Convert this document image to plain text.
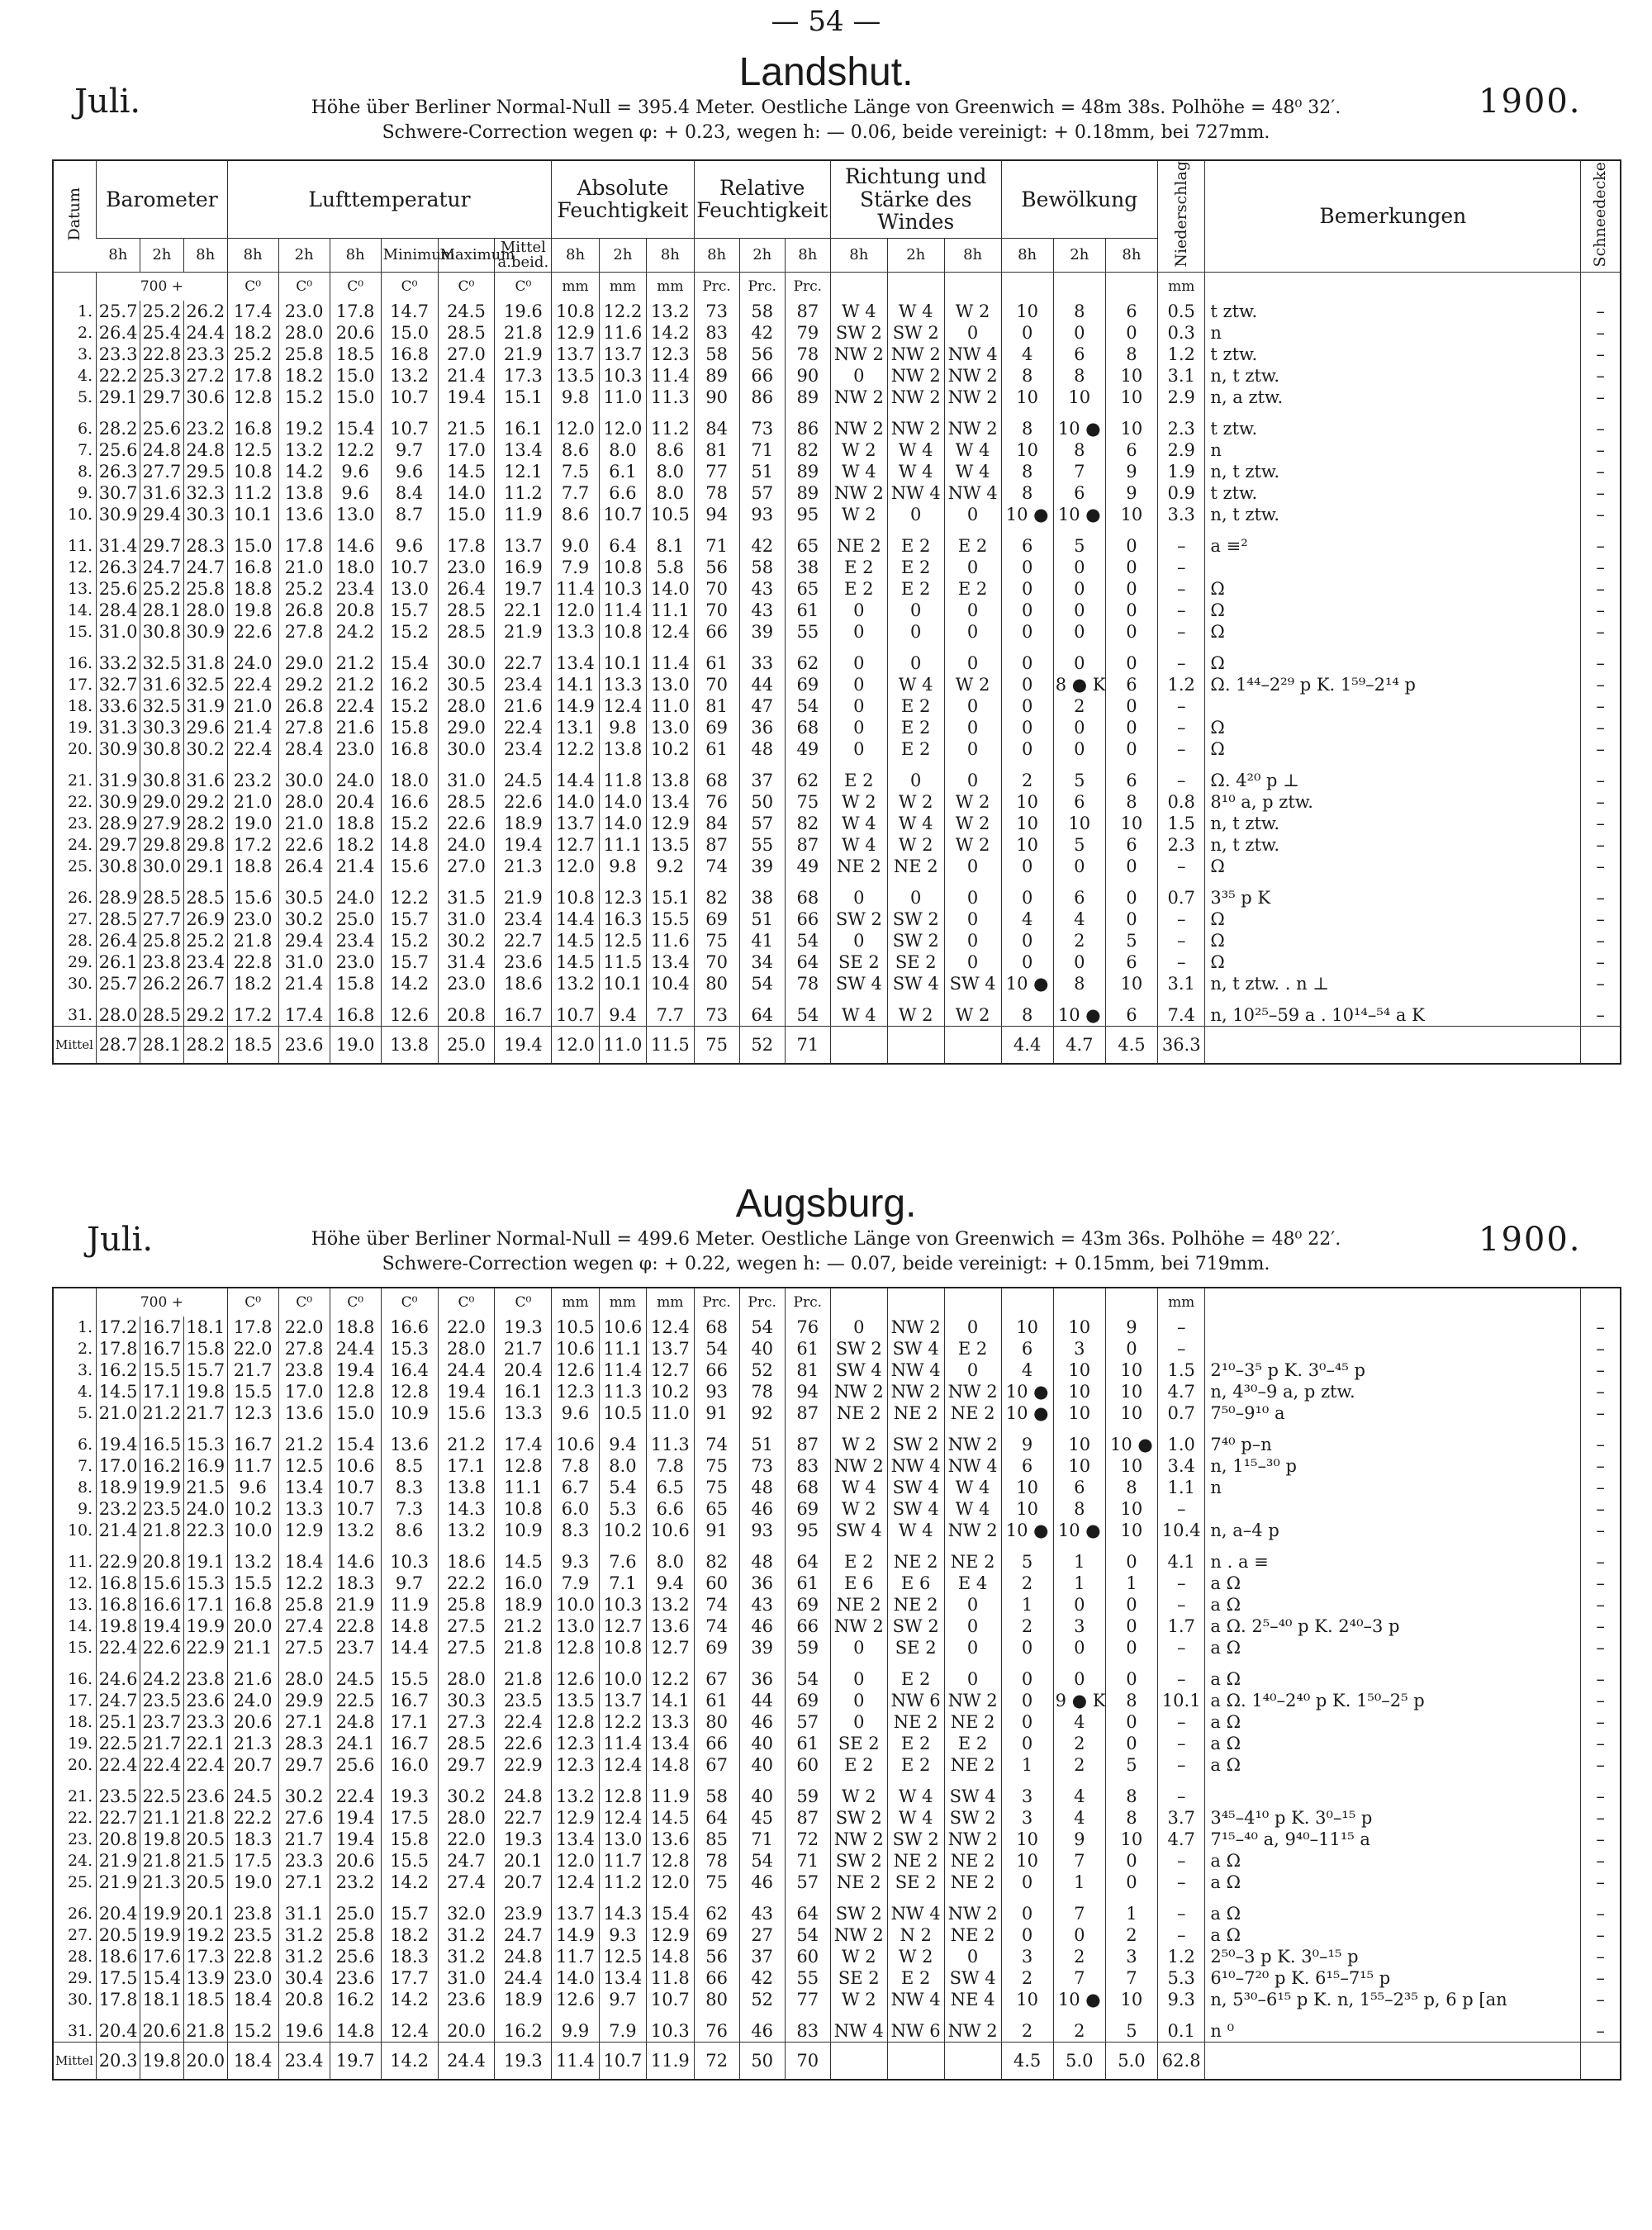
— 54 —
Landshut.
Juli.	1900.
Höhe über Berliner Normal-Null = 395.4 Meter. Oestliche Länge von Greenwich = 48m 38s. Polhöhe = 48⁰ 32′.
Schwere-Correction wegen φ: + 0.23, wegen h: — 0.06, beide vereinigt: + 0.18mm, bei 727mm.
Datum	Barometer			Lufttemperatur						Absolute Feuchtigkeit			Relative Feuchtigkeit			Richtung und Stärke des Windes			Bewölkung			Niederschlag	Bemerkungen	Schneedecke
	8h	2h	8h	8h	2h	8h	Minimum	Maximum	Mittel a.beid.	8h	2h	8h	8h	2h	8h	8h	2h	8h	8h	2h	8h			
	700 +			C⁰	C⁰	C⁰	C⁰	C⁰	C⁰	mm	mm	mm	Prc.	Prc.	Prc.							mm		
1.	25.7	25.2	26.2	17.4	23.0	17.8	14.7	24.5	19.6	10.8	12.2	13.2	73	58	87	W 4	W 4	W 2	10	8	6	0.5	t ztw.	–
2.	26.4	25.4	24.4	18.2	28.0	20.6	15.0	28.5	21.8	12.9	11.6	14.2	83	42	79	SW 2	SW 2	0	0	0	0	0.3	n	–
3.	23.3	22.8	23.3	25.2	25.8	18.5	16.8	27.0	21.9	13.7	13.7	12.3	58	56	78	NW 2	NW 2	NW 4	4	6	8	1.2	t ztw.	–
4.	22.2	25.3	27.2	17.8	18.2	15.0	13.2	21.4	17.3	13.5	10.3	11.4	89	66	90	0	NW 2	NW 2	8	8	10	3.1	n, t ztw.	–
5.	29.1	29.7	30.6	12.8	15.2	15.0	10.7	19.4	15.1	9.8	11.0	11.3	90	86	89	NW 2	NW 2	NW 2	10	10	10	2.9	n, a ztw.	–
6.	28.2	25.6	23.2	16.8	19.2	15.4	10.7	21.5	16.1	12.0	12.0	11.2	84	73	86	NW 2	NW 2	NW 2	8	10 ●	10	2.3	t ztw.	–
7.	25.6	24.8	24.8	12.5	13.2	12.2	9.7	17.0	13.4	8.6	8.0	8.6	81	71	82	W 2	W 4	W 4	10	8	6	2.9	n	–
8.	26.3	27.7	29.5	10.8	14.2	9.6	9.6	14.5	12.1	7.5	6.1	8.0	77	51	89	W 4	W 4	W 4	8	7	9	1.9	n, t ztw.	–
9.	30.7	31.6	32.3	11.2	13.8	9.6	8.4	14.0	11.2	7.7	6.6	8.0	78	57	89	NW 2	NW 4	NW 4	8	6	9	0.9	t ztw.	–
10.	30.9	29.4	30.3	10.1	13.6	13.0	8.7	15.0	11.9	8.6	10.7	10.5	94	93	95	W 2	0	0	10 ●	10 ●	10	3.3	n, t ztw.	–
11.	31.4	29.7	28.3	15.0	17.8	14.6	9.6	17.8	13.7	9.0	6.4	8.1	71	42	65	NE 2	E 2	E 2	6	5	0	–	a ≡²	–
12.	26.3	24.7	24.7	16.8	21.0	18.0	10.7	23.0	16.9	7.9	10.8	5.8	56	58	38	E 2	E 2	0	0	0	0	–		–
13.	25.6	25.2	25.8	18.8	25.2	23.4	13.0	26.4	19.7	11.4	10.3	14.0	70	43	65	E 2	E 2	E 2	0	0	0	–	Ω	–
14.	28.4	28.1	28.0	19.8	26.8	20.8	15.7	28.5	22.1	12.0	11.4	11.1	70	43	61	0	0	0	0	0	0	–	Ω	–
15.	31.0	30.8	30.9	22.6	27.8	24.2	15.2	28.5	21.9	13.3	10.8	12.4	66	39	55	0	0	0	0	0	0	–	Ω	–
16.	33.2	32.5	31.8	24.0	29.0	21.2	15.4	30.0	22.7	13.4	10.1	11.4	61	33	62	0	0	0	0	0	0	–	Ω	–
17.	32.7	31.6	32.5	22.4	29.2	21.2	16.2	30.5	23.4	14.1	13.3	13.0	70	44	69	0	W 4	W 2	0	8 ● K	6	1.2	Ω. 1⁴⁴–2²⁹ p K. 1⁵⁹–2¹⁴ p	–
18.	33.6	32.5	31.9	21.0	26.8	22.4	15.2	28.0	21.6	14.9	12.4	11.0	81	47	54	0	E 2	0	0	2	0	–		–
19.	31.3	30.3	29.6	21.4	27.8	21.6	15.8	29.0	22.4	13.1	9.8	13.0	69	36	68	0	E 2	0	0	0	0	–	Ω	–
20.	30.9	30.8	30.2	22.4	28.4	23.0	16.8	30.0	23.4	12.2	13.8	10.2	61	48	49	0	E 2	0	0	0	0	–	Ω	–
21.	31.9	30.8	31.6	23.2	30.0	24.0	18.0	31.0	24.5	14.4	11.8	13.8	68	37	62	E 2	0	0	2	5	6	–	Ω. 4²⁰ p ⊥	–
22.	30.9	29.0	29.2	21.0	28.0	20.4	16.6	28.5	22.6	14.0	14.0	13.4	76	50	75	W 2	W 2	W 2	10	6	8	0.8	8¹⁰ a, p ztw.	–
23.	28.9	27.9	28.2	19.0	21.0	18.8	15.2	22.6	18.9	13.7	14.0	12.9	84	57	82	W 4	W 4	W 2	10	10	10	1.5	n, t ztw.	–
24.	29.7	29.8	29.8	17.2	22.6	18.2	14.8	24.0	19.4	12.7	11.1	13.5	87	55	87	W 4	W 2	W 2	10	5	6	2.3	n, t ztw.	–
25.	30.8	30.0	29.1	18.8	26.4	21.4	15.6	27.0	21.3	12.0	9.8	9.2	74	39	49	NE 2	NE 2	0	0	0	0	–	Ω	–
26.	28.9	28.5	28.5	15.6	30.5	24.0	12.2	31.5	21.9	10.8	12.3	15.1	82	38	68	0	0	0	0	6	0	0.7	3³⁵ p K	–
27.	28.5	27.7	26.9	23.0	30.2	25.0	15.7	31.0	23.4	14.4	16.3	15.5	69	51	66	SW 2	SW 2	0	4	4	0	–	Ω	–
28.	26.4	25.8	25.2	21.8	29.4	23.4	15.2	30.2	22.7	14.5	12.5	11.6	75	41	54	0	SW 2	0	0	2	5	–	Ω	–
29.	26.1	23.8	23.4	22.8	31.0	23.0	15.7	31.4	23.6	14.5	11.5	13.4	70	34	64	SE 2	SE 2	0	0	0	6	–	Ω	–
30.	25.7	26.2	26.7	18.2	21.4	15.8	14.2	23.0	18.6	13.2	10.1	10.4	80	54	78	SW 4	SW 4	SW 4	10 ●	8	10	3.1	n, t ztw. . n ⊥	–
31.	28.0	28.5	29.2	17.2	17.4	16.8	12.6	20.8	16.7	10.7	9.4	7.7	73	64	54	W 4	W 2	W 2	8	10 ●	6	7.4	n, 10²⁵–59 a . 10¹⁴–⁵⁴ a K	–
Mittel	28.7	28.1	28.2	18.5	23.6	19.0	13.8	25.0	19.4	12.0	11.0	11.5	75	52	71				4.4	4.7	4.5	36.3		
Augsburg.
Juli.	1900.
Höhe über Berliner Normal-Null = 499.6 Meter. Oestliche Länge von Greenwich = 43m 36s. Polhöhe = 48⁰ 22′.
Schwere-Correction wegen φ: + 0.22, wegen h: — 0.07, beide vereinigt: + 0.15mm, bei 719mm.
	700 +			C⁰	C⁰	C⁰	C⁰	C⁰	C⁰	mm	mm	mm	Prc.	Prc.	Prc.							mm		
1.	17.2	16.7	18.1	17.8	22.0	18.8	16.6	22.0	19.3	10.5	10.6	12.4	68	54	76	0	NW 2	0	10	10	9	–		–
2.	17.8	16.7	15.8	22.0	27.8	24.4	15.3	28.0	21.7	10.6	11.1	13.7	54	40	61	SW 2	SW 4	E 2	6	3	0	–		–
3.	16.2	15.5	15.7	21.7	23.8	19.4	16.4	24.4	20.4	12.6	11.4	12.7	66	52	81	SW 4	NW 4	0	4	10	10	1.5	2¹⁰–3⁵ p K. 3⁰–⁴⁵ p	–
4.	14.5	17.1	19.8	15.5	17.0	12.8	12.8	19.4	16.1	12.3	11.3	10.2	93	78	94	NW 2	NW 2	NW 2	10 ●	10	10	4.7	n, 4³⁰–9 a, p ztw.	–
5.	21.0	21.2	21.7	12.3	13.6	15.0	10.9	15.6	13.3	9.6	10.5	11.0	91	92	87	NE 2	NE 2	NE 2	10 ●	10	10	0.7	7⁵⁰–9¹⁰ a	–
6.	19.4	16.5	15.3	16.7	21.2	15.4	13.6	21.2	17.4	10.6	9.4	11.3	74	51	87	W 2	SW 2	NW 2	9	10	10 ●	1.0	7⁴⁰ p–n	–
7.	17.0	16.2	16.9	11.7	12.5	10.6	8.5	17.1	12.8	7.8	8.0	7.8	75	73	83	NW 2	NW 4	NW 4	6	10	10	3.4	n, 1¹⁵–³⁰ p	–
8.	18.9	19.9	21.5	9.6	13.4	10.7	8.3	13.8	11.1	6.7	5.4	6.5	75	48	68	W 4	SW 4	W 4	10	6	8	1.1	n	–
9.	23.2	23.5	24.0	10.2	13.3	10.7	7.3	14.3	10.8	6.0	5.3	6.6	65	46	69	W 2	SW 4	W 4	10	8	10	–		–
10.	21.4	21.8	22.3	10.0	12.9	13.2	8.6	13.2	10.9	8.3	10.2	10.6	91	93	95	SW 4	W 4	NW 2	10 ●	10 ●	10	10.4	n, a–4 p	–
11.	22.9	20.8	19.1	13.2	18.4	14.6	10.3	18.6	14.5	9.3	7.6	8.0	82	48	64	E 2	NE 2	NE 2	5	1	0	4.1	n . a ≡	–
12.	16.8	15.6	15.3	15.5	12.2	18.3	9.7	22.2	16.0	7.9	7.1	9.4	60	36	61	E 6	E 6	E 4	2	1	1	–	a Ω	–
13.	16.8	16.6	17.1	16.8	25.8	21.9	11.9	25.8	18.9	10.0	10.3	13.2	74	43	69	NE 2	NE 2	0	1	0	0	–	a Ω	–
14.	19.8	19.4	19.9	20.0	27.4	22.8	14.8	27.5	21.2	13.0	12.7	13.6	74	46	66	NW 2	SW 2	0	2	3	0	1.7	a Ω. 2⁵–⁴⁰ p K. 2⁴⁰–3 p	–
15.	22.4	22.6	22.9	21.1	27.5	23.7	14.4	27.5	21.8	12.8	10.8	12.7	69	39	59	0	SE 2	0	0	0	0	–	a Ω	–
16.	24.6	24.2	23.8	21.6	28.0	24.5	15.5	28.0	21.8	12.6	10.0	12.2	67	36	54	0	E 2	0	0	0	0	–	a Ω	–
17.	24.7	23.5	23.6	24.0	29.9	22.5	16.7	30.3	23.5	13.5	13.7	14.1	61	44	69	0	NW 6	NW 2	0	9 ● K	8	10.1	a Ω. 1⁴⁰–2⁴⁰ p K. 1⁵⁰–2⁵ p	–
18.	25.1	23.7	23.3	20.6	27.1	24.8	17.1	27.3	22.4	12.8	12.2	13.3	80	46	57	0	NE 2	NE 2	0	4	0	–	a Ω	–
19.	22.5	21.7	22.1	21.3	28.3	24.1	16.7	28.5	22.6	12.3	11.4	13.4	66	40	61	SE 2	E 2	E 2	0	2	0	–	a Ω	–
20.	22.4	22.4	22.4	20.7	29.7	25.6	16.0	29.7	22.9	12.3	12.4	14.8	67	40	60	E 2	E 2	NE 2	1	2	5	–	a Ω	–
21.	23.5	22.5	23.6	24.5	30.2	22.4	19.3	30.2	24.8	13.2	12.8	11.9	58	40	59	W 2	W 4	SW 4	3	4	8	–		–
22.	22.7	21.1	21.8	22.2	27.6	19.4	17.5	28.0	22.7	12.9	12.4	14.5	64	45	87	SW 2	W 4	SW 2	3	4	8	3.7	3⁴⁵–4¹⁰ p K. 3⁰–¹⁵ p	–
23.	20.8	19.8	20.5	18.3	21.7	19.4	15.8	22.0	19.3	13.4	13.0	13.6	85	71	72	NW 2	SW 2	NW 2	10	9	10	4.7	7¹⁵–⁴⁰ a, 9⁴⁰–11¹⁵ a	–
24.	21.9	21.8	21.5	17.5	23.3	20.6	15.5	24.7	20.1	12.0	11.7	12.8	78	54	71	SW 2	NE 2	NE 2	10	7	0	–	a Ω	–
25.	21.9	21.3	20.5	19.0	27.1	23.2	14.2	27.4	20.7	12.4	11.2	12.0	75	46	57	NE 2	SE 2	NE 2	0	1	0	–	a Ω	–
26.	20.4	19.9	20.1	23.8	31.1	25.0	15.7	32.0	23.9	13.7	14.3	15.4	62	43	64	SW 2	NW 4	NW 2	0	7	1	–	a Ω	–
27.	20.5	19.9	19.2	23.5	31.2	25.8	18.2	31.2	24.7	14.9	9.3	12.9	69	27	54	NW 2	N 2	NE 2	0	0	2	–	a Ω	–
28.	18.6	17.6	17.3	22.8	31.2	25.6	18.3	31.2	24.8	11.7	12.5	14.8	56	37	60	W 2	W 2	0	3	2	3	1.2	2⁵⁰–3 p K. 3⁰–¹⁵ p	–
29.	17.5	15.4	13.9	23.0	30.4	23.6	17.7	31.0	24.4	14.0	13.4	11.8	66	42	55	SE 2	E 2	SW 4	2	7	7	5.3	6¹⁰–7²⁰ p K. 6¹⁵–7¹⁵ p	–
30.	17.8	18.1	18.5	18.4	20.8	16.2	14.2	23.6	18.9	12.6	9.7	10.7	80	52	77	W 2	NW 4	NE 4	10	10 ●	10	9.3	n, 5³⁰–6¹⁵ p K. n, 1⁵⁵–2³⁵ p, 6 p [an	–
31.	20.4	20.6	21.8	15.2	19.6	14.8	12.4	20.0	16.2	9.9	7.9	10.3	76	46	83	NW 4	NW 6	NW 2	2	2	5	0.1	n ⁰	–
Mittel	20.3	19.8	20.0	18.4	23.4	19.7	14.2	24.4	19.3	11.4	10.7	11.9	72	50	70				4.5	5.0	5.0	62.8		
